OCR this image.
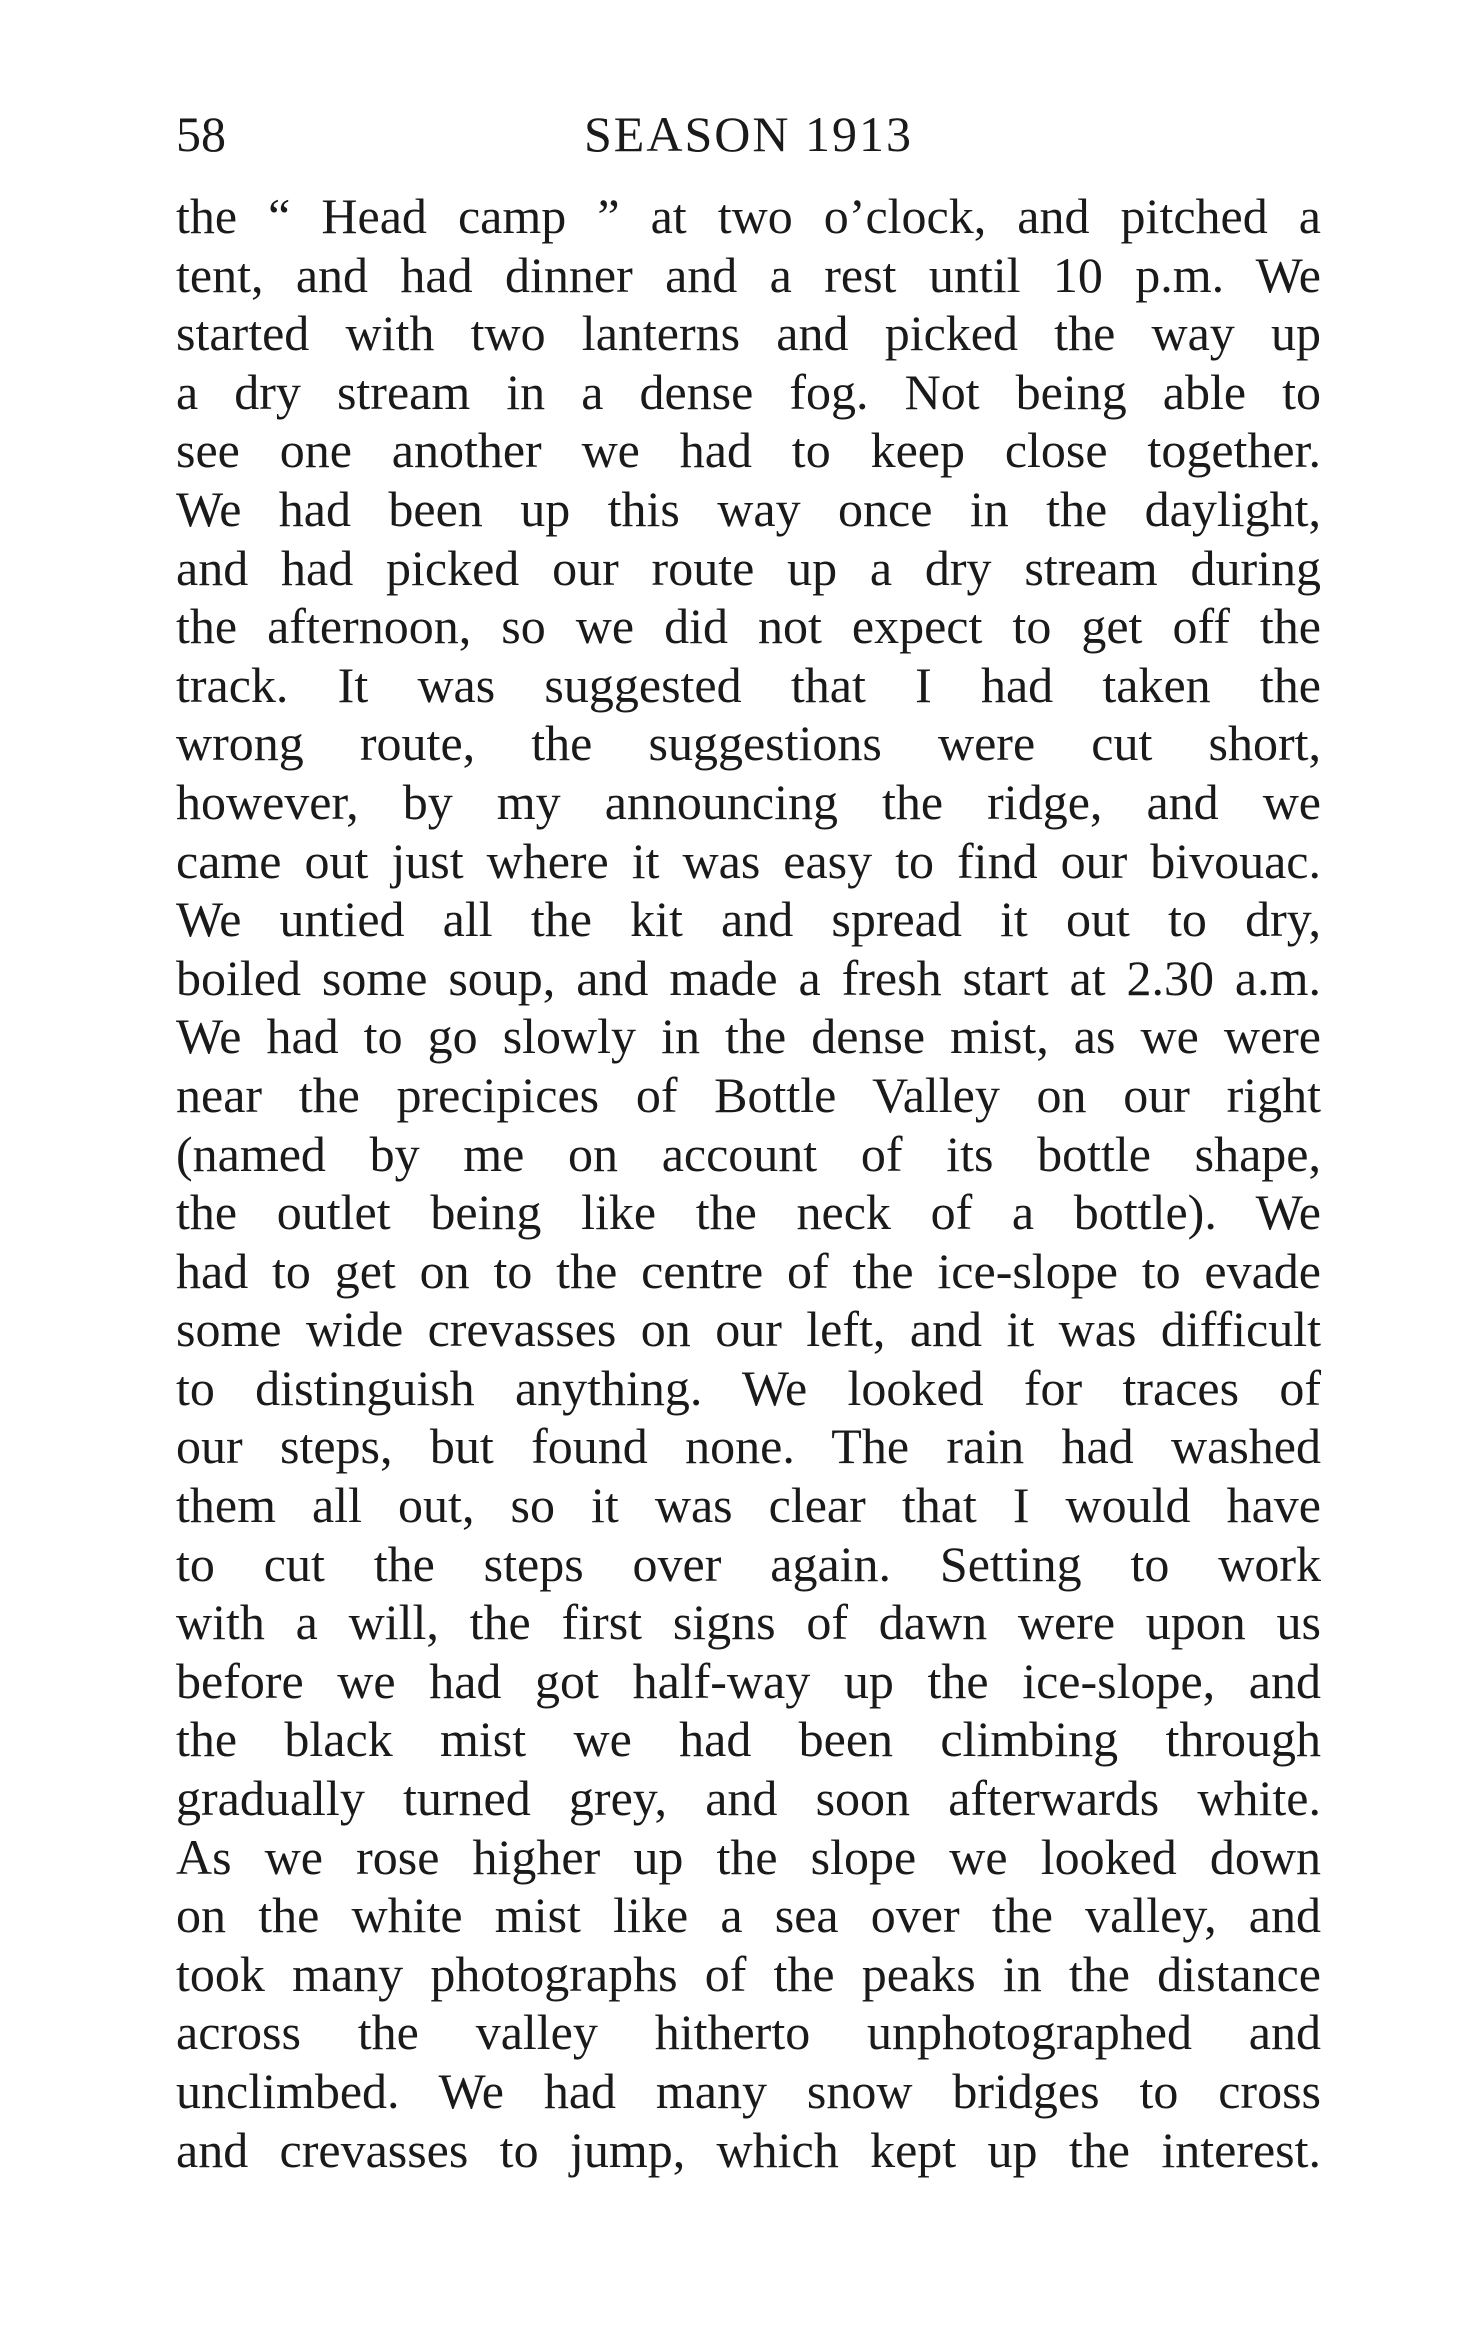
58	SEASON 1913
the “ Head camp ” at two o’clock, and pitched a
tent, and had dinner and a rest until 10 p.m. We
started with two lanterns and picked the way up
a dry stream in a dense fog. Not being able to
see one another we had to keep close together.
We had been up this way once in the daylight,
and had picked our route up a dry stream during
the afternoon, so we did not expect to get off the
track. It was suggested that I had taken the
wrong route, the suggestions were cut short,
however, by my announcing the ridge, and we
came out just where it was easy to find our bivouac.
We untied all the kit and spread it out to dry,
boiled some soup, and made a fresh start at 2.30 a.m.
We had to go slowly in the dense mist, as we were
near the precipices of Bottle Valley on our right
(named by me on account of its bottle shape,
the outlet being like the neck of a bottle). We
had to get on to the centre of the ice-slope to evade
some wide crevasses on our left, and it was difficult
to distinguish anything. We looked for traces of
our steps, but found none. The rain had washed
them all out, so it was clear that I would have
to cut the steps over again. Setting to work
with a will, the first signs of dawn were upon us
before we had got half-way up the ice-slope, and
the black mist we had been climbing through
gradually turned grey, and soon afterwards white.
As we rose higher up the slope we looked down
on the white mist like a sea over the valley, and
took many photographs of the peaks in the distance
across the valley hitherto unphotographed and
unclimbed. We had many snow bridges to cross
and crevasses to jump, which kept up the interest.
